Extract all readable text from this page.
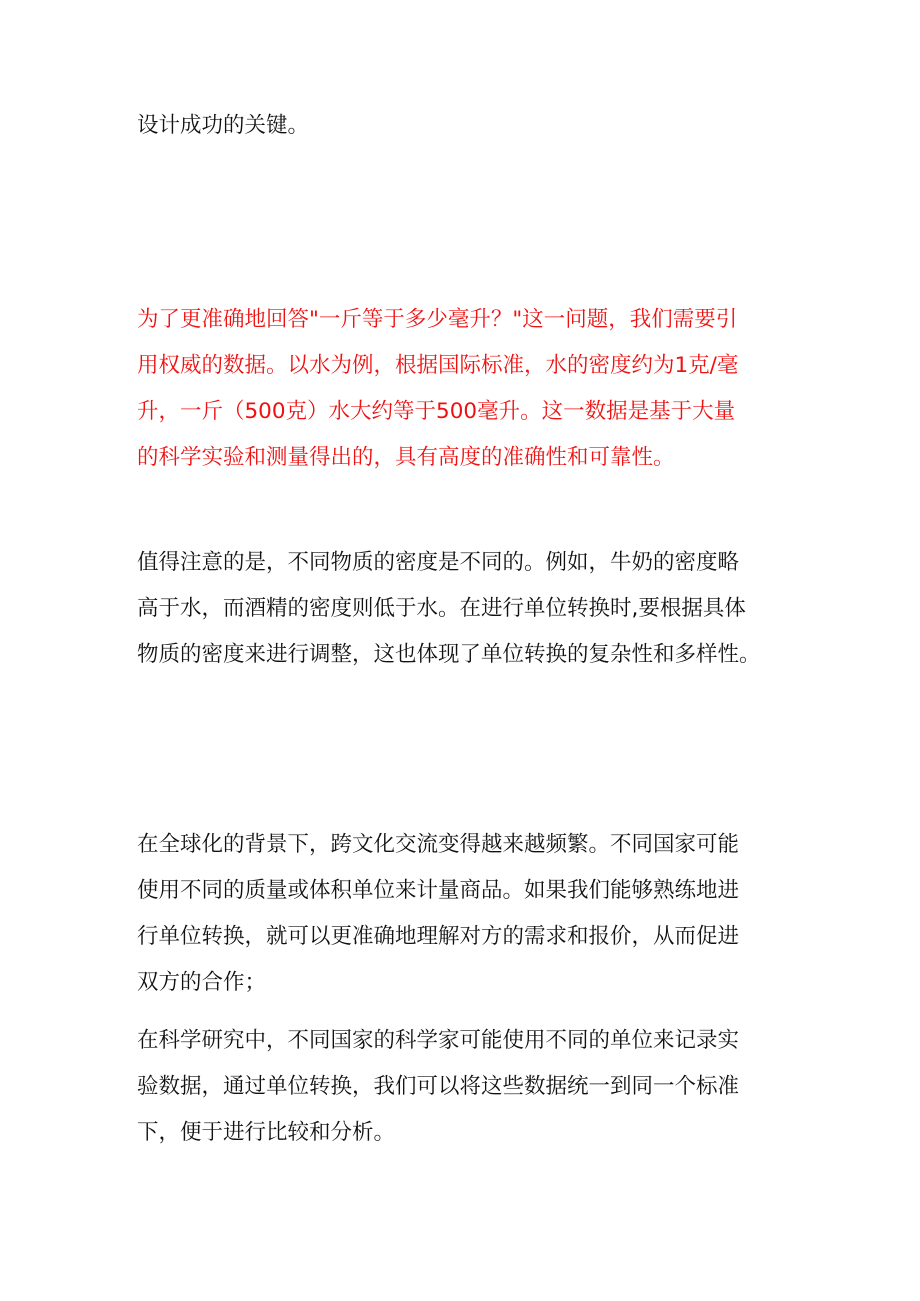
设计成功的关键。

为了更准确地回答"一斤等于多少毫升？"这一问题，我们需要引
用权威的数据。以水为例，根据国际标准，水的密度约为1克/毫
升，一斤（500克）水大约等于500毫升。这一数据是基于大量
的科学实验和测量得出的，具有高度的准确性和可靠性。

值得注意的是，不同物质的密度是不同的。例如，牛奶的密度略
高于水，而酒精的密度则低于水。在进行单位转换时,要根据具体
物质的密度来进行调整，这也体现了单位转换的复杂性和多样性。

在全球化的背景下，跨文化交流变得越来越频繁。不同国家可能
使用不同的质量或体积单位来计量商品。如果我们能够熟练地进
行单位转换，就可以更准确地理解对方的需求和报价，从而促进
双方的合作；

在科学研究中，不同国家的科学家可能使用不同的单位来记录实
验数据，通过单位转换，我们可以将这些数据统一到同一个标准
下，便于进行比较和分析。
